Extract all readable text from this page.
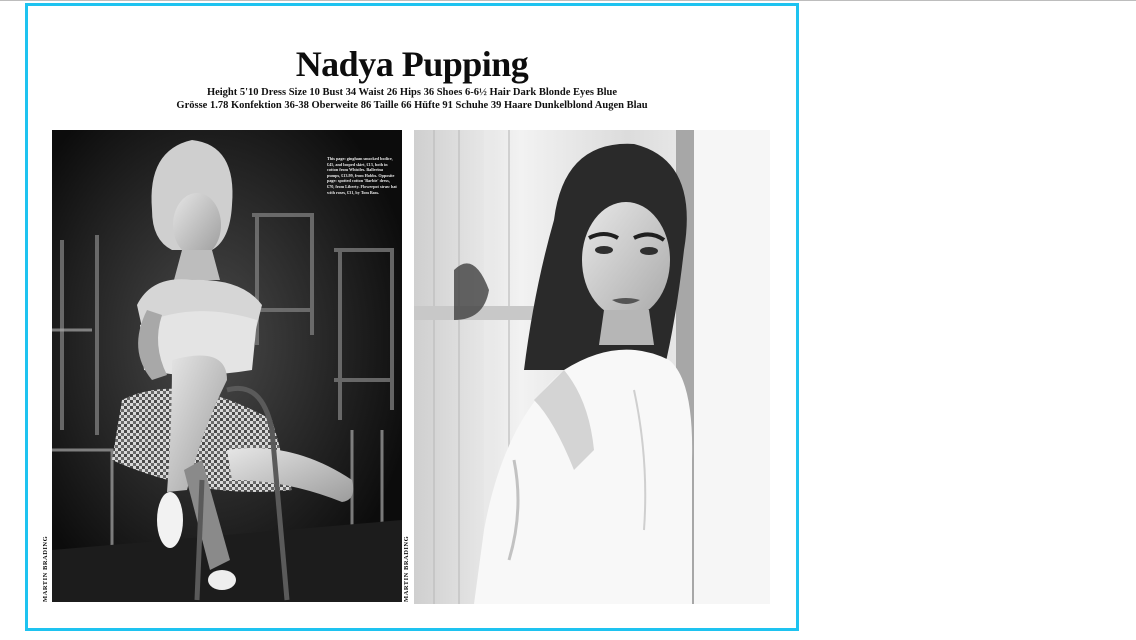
Nadya Pupping
Height 5'10 Dress Size 10 Bust 34 Waist 26 Hips 36 Shoes 6-6½ Hair Dark Blonde Eyes Blue
Grösse 1.78 Konfektion 36-38 Oberweite 86 Taille 66 Hüfte 91 Schuhe 39 Haare Dunkelblond Augen Blau
This page: gingham smocked bodice, £45, and looped skirt, £13, both in cotton from Whistles. Ballerina pumps, £13.99, from Hobbs. Opposite page: spotted cotton 'Barbie' dress, £70, from Liberty. Flowerpot straw hat with roses, £31, by Tom Bass.
MARTIN BRADING	MARTIN BRADING
